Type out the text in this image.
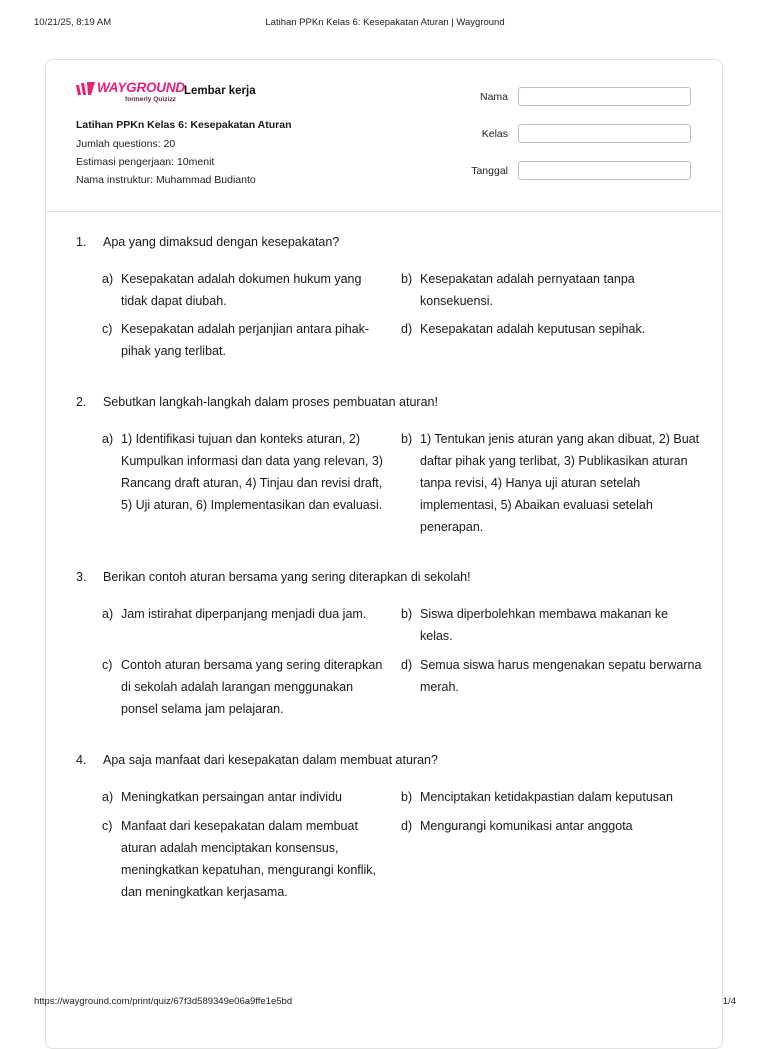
10/21/25, 8:19 AM	Latihan PPKn Kelas 6: Kesepakatan Aturan | Wayground
WAYGROUND
formerly Quizizz
Lembar kerja
Latihan PPKn Kelas 6: Kesepakatan Aturan
Jumlah questions: 20
Estimasi pengerjaan: 10menit
Nama instruktur: Muhammad Budianto
Nama
Kelas
Tanggal
1. Apa yang dimaksud dengan kesepakatan?
a) Kesepakatan adalah dokumen hukum yang tidak dapat diubah.
b) Kesepakatan adalah pernyataan tanpa konsekuensi.
c) Kesepakatan adalah perjanjian antara pihak-pihak yang terlibat.
d) Kesepakatan adalah keputusan sepihak.
2. Sebutkan langkah-langkah dalam proses pembuatan aturan!
a) 1) Identifikasi tujuan dan konteks aturan, 2) Kumpulkan informasi dan data yang relevan, 3) Rancang draft aturan, 4) Tinjau dan revisi draft, 5) Uji aturan, 6) Implementasikan dan evaluasi.
b) 1) Tentukan jenis aturan yang akan dibuat, 2) Buat daftar pihak yang terlibat, 3) Publikasikan aturan tanpa revisi, 4) Hanya uji aturan setelah implementasi, 5) Abaikan evaluasi setelah penerapan.
3. Berikan contoh aturan bersama yang sering diterapkan di sekolah!
a) Jam istirahat diperpanjang menjadi dua jam.	b) Siswa diperbolehkan membawa makanan ke kelas.
c) Contoh aturan bersama yang sering diterapkan di sekolah adalah larangan menggunakan ponsel selama jam pelajaran.
d) Semua siswa harus mengenakan sepatu berwarna merah.
4. Apa saja manfaat dari kesepakatan dalam membuat aturan?
a) Meningkatkan persaingan antar individu	b) Menciptakan ketidakpastian dalam keputusan
c) Manfaat dari kesepakatan dalam membuat aturan adalah menciptakan konsensus, meningkatkan kepatuhan, mengurangi konflik, dan meningkatkan kerjasama.
d) Mengurangi komunikasi antar anggota
https://wayground.com/print/quiz/67f3d589349e06a9ffe1e5bd	1/4
